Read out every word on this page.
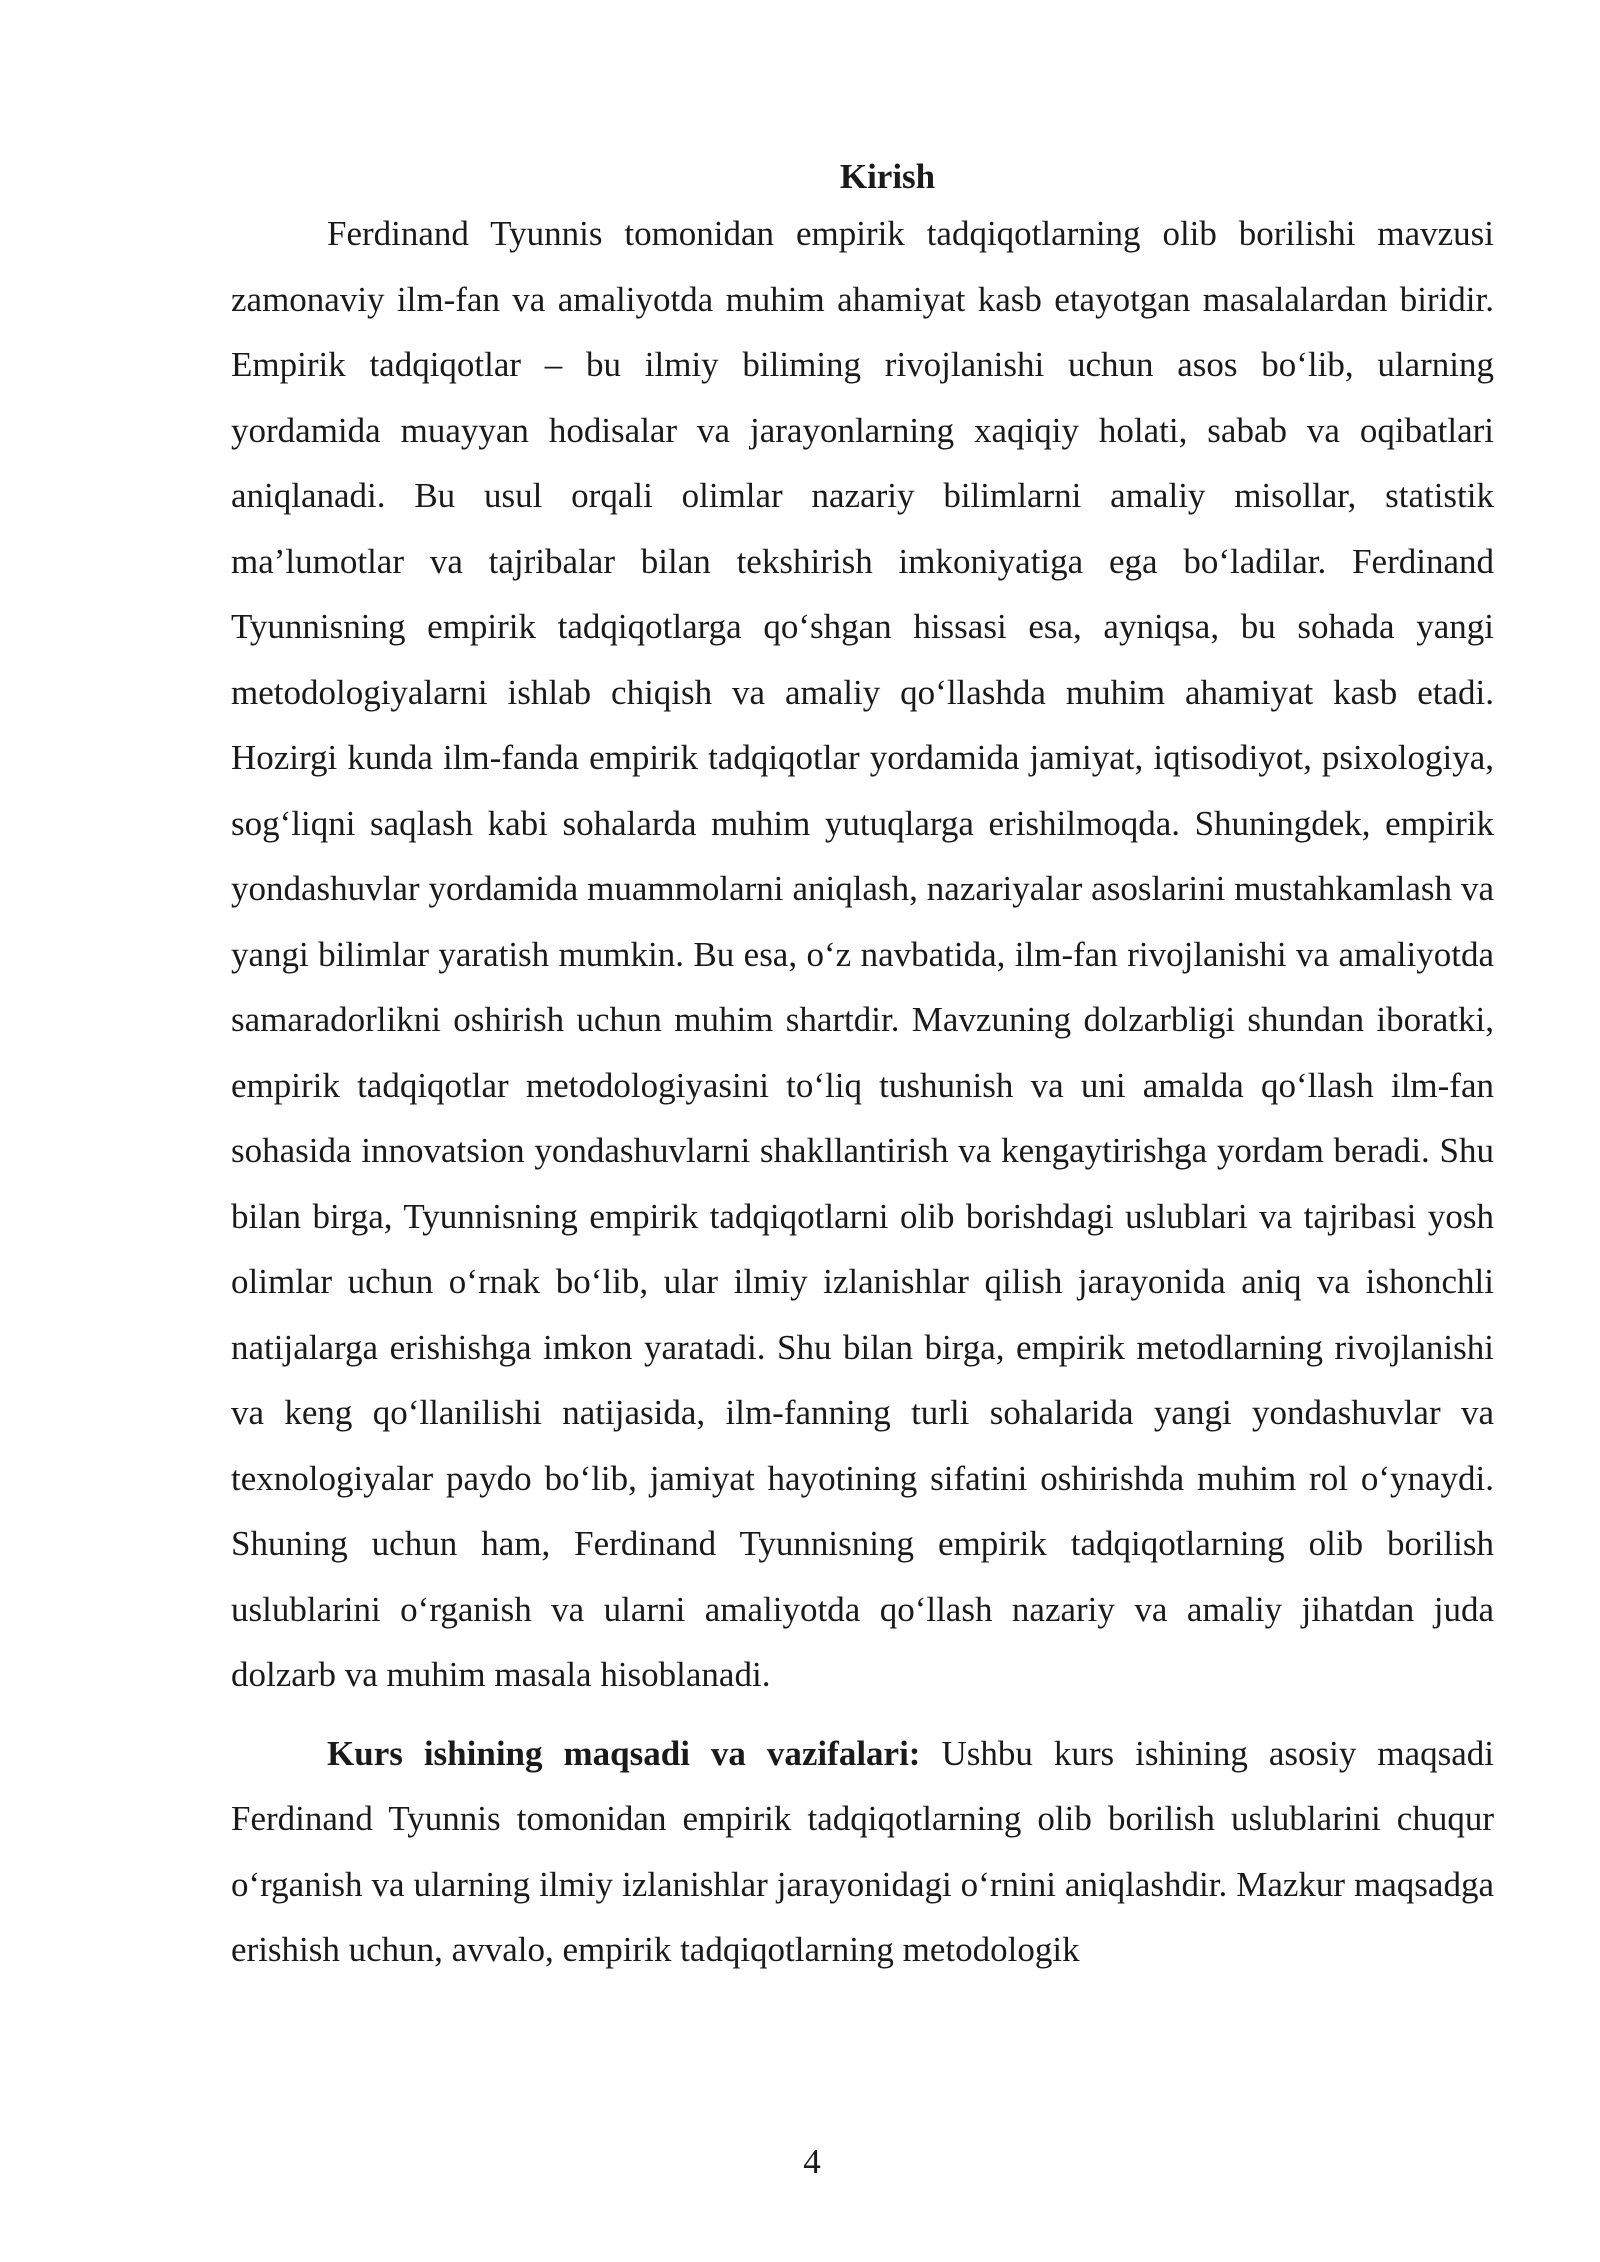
Kirish

Ferdinand Tyunnis tomonidan empirik tadqiqotlarning olib borilishi mavzusi zamonaviy ilm-fan va amaliyotda muhim ahamiyat kasb etayotgan masalalardan biridir. Empirik tadqiqotlar – bu ilmiy biliming rivojlanishi uchun asos bo‘lib, ularning yordamida muayyan hodisalar va jarayonlarning xaqiqiy holati, sabab va oqibatlari aniqlanadi. Bu usul orqali olimlar nazariy bilimlarni amaliy misollar, statistik ma’lumotlar va tajribalar bilan tekshirish imkoniyatiga ega bo‘ladilar. Ferdinand Tyunnisning empirik tadqiqotlarga qo‘shgan hissasi esa, ayniqsa, bu sohada yangi metodologiyalarni ishlab chiqish va amaliy qo‘llashda muhim ahamiyat kasb etadi. Hozirgi kunda ilm-fanda empirik tadqiqotlar yordamida jamiyat, iqtisodiyot, psixologiya, sog‘liqni saqlash kabi sohalarda muhim yutuqlarga erishilmoqda. Shuningdek, empirik yondashuvlar yordamida muammolarni aniqlash, nazariyalar asoslarini mustahkamlash va yangi bilimlar yaratish mumkin. Bu esa, o‘z navbatida, ilm-fan rivojlanishi va amaliyotda samaradorlikni oshirish uchun muhim shartdir. Mavzuning dolzarbligi shundan iboratki, empirik tadqiqotlar metodologiyasini to‘liq tushunish va uni amalda qo‘llash ilm-fan sohasida innovatsion yondashuvlarni shakllantirish va kengaytirishga yordam beradi. Shu bilan birga, Tyunnisning empirik tadqiqotlarni olib borishdagi uslublari va tajribasi yosh olimlar uchun o‘rnak bo‘lib, ular ilmiy izlanishlar qilish jarayonida aniq va ishonchli natijalarga erishishga imkon yaratadi. Shu bilan birga, empirik metodlarning rivojlanishi va keng qo‘llanilishi natijasida, ilm-fanning turli sohalarida yangi yondashuvlar va texnologiyalar paydo bo‘lib, jamiyat hayotining sifatini oshirishda muhim rol o‘ynaydi. Shuning uchun ham, Ferdinand Tyunnisning empirik tadqiqotlarning olib borilish uslublarini o‘rganish va ularni amaliyotda qo‘llash nazariy va amaliy jihatdan juda dolzarb va muhim masala hisoblanadi.

Kurs ishining maqsadi va vazifalari: Ushbu kurs ishining asosiy maqsadi Ferdinand Tyunnis tomonidan empirik tadqiqotlarning olib borilish uslublarini chuqur o‘rganish va ularning ilmiy izlanishlar jarayonidagi o‘rnini aniqlashdir. Mazkur maqsadga erishish uchun, avvalo, empirik tadqiqotlarning metodologik

4
